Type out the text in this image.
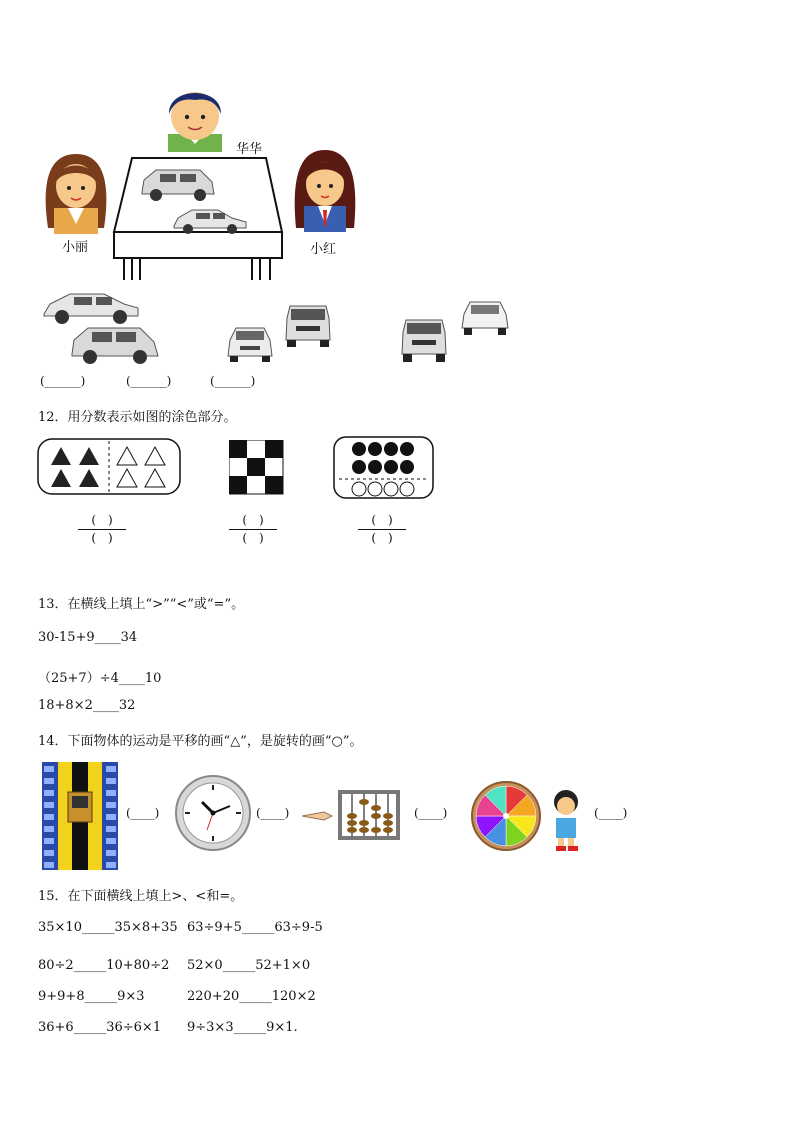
华华
小丽	小红
(______)	(______)	(______)
12．用分数表示如图的涂色部分。
(　)
(　)
(　)
(　)
(　)
(　)
13．在横线上填上“>”“<”或“=”。
30-15+9____34
（25+7）÷4____10
18+8×2____32
14．下面物体的运动是平移的画“△”，是旋转的画“○”。
(____)	(____)	(____)	(____)
15．在下面横线上填上>、<和=。
35×10_____35×8+35 63÷9+5_____63÷9-5
80÷2_____10+80÷2 52×0_____52+1×0
9+9+8_____9×3	220+20_____120×2
36+6_____36÷6×1 9÷3×3_____9×1.
